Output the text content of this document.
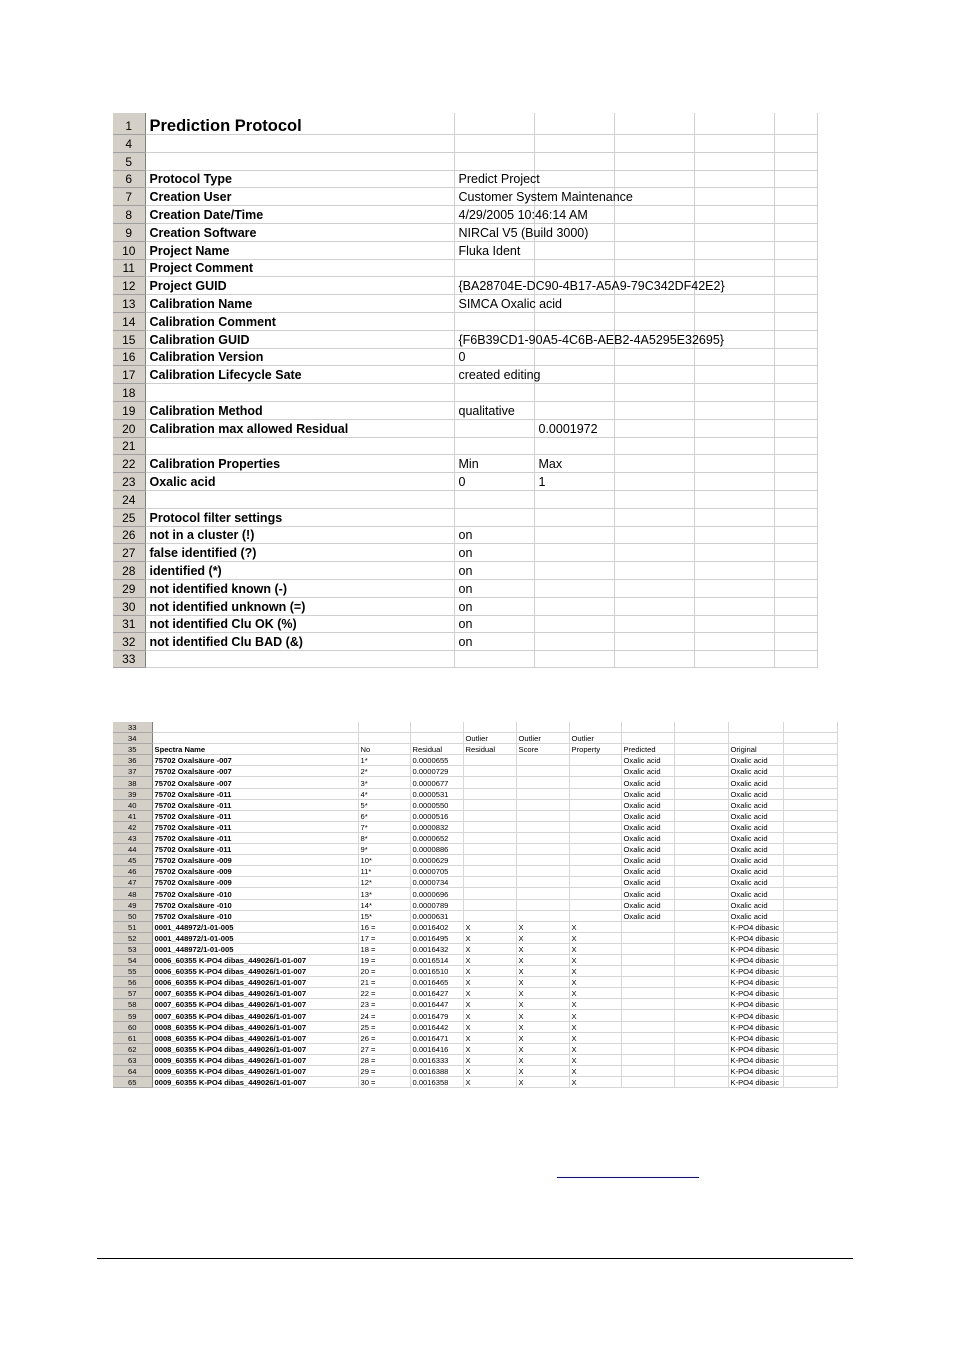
1	Prediction Protocol					
4						
5						
6	Protocol Type	Predict Project				
7	Creation User	Customer System Maintenance				
8	Creation Date/Time	4/29/2005 10:46:14 AM				
9	Creation Software	NIRCal V5 (Build 3000)				
10	Project Name	Fluka Ident				
11	Project Comment					
12	Project GUID	{BA28704E-DC90-4B17-A5A9-79C342DF42E2}				
13	Calibration Name	SIMCA Oxalic acid				
14	Calibration Comment					
15	Calibration GUID	{F6B39CD1-90A5-4C6B-AEB2-4A5295E32695}				
16	Calibration Version	0				
17	Calibration Lifecycle Sate	created editing				
18						
19	Calibration Method	qualitative				
20	Calibration max allowed Residual		0.0001972			
21						
22	Calibration Properties	Min	Max			
23	Oxalic acid	0	1			
24						
25	Protocol filter settings					
26	not in a cluster (!)	on				
27	false identified (?)	on				
28	identified (*)	on				
29	not identified known (-)	on				
30	not identified unknown (=)	on				
31	not identified Clu OK (%)	on				
32	not identified Clu BAD (&)	on				
33						
33										
34				Outlier	Outlier	Outlier				
35	Spectra Name	No	Residual	Residual	Score	Property	Predicted		Original	
36	75702 Oxalsäure -007	1*	0.0000655				Oxalic acid		Oxalic acid	
37	75702 Oxalsäure -007	2*	0.0000729				Oxalic acid		Oxalic acid	
38	75702 Oxalsäure -007	3*	0.0000677				Oxalic acid		Oxalic acid	
39	75702 Oxalsäure -011	4*	0.0000531				Oxalic acid		Oxalic acid	
40	75702 Oxalsäure -011	5*	0.0000550				Oxalic acid		Oxalic acid	
41	75702 Oxalsäure -011	6*	0.0000516				Oxalic acid		Oxalic acid	
42	75702 Oxalsäure -011	7*	0.0000832				Oxalic acid		Oxalic acid	
43	75702 Oxalsäure -011	8*	0.0000652				Oxalic acid		Oxalic acid	
44	75702 Oxalsäure -011	9*	0.0000886				Oxalic acid		Oxalic acid	
45	75702 Oxalsäure -009	10*	0.0000629				Oxalic acid		Oxalic acid	
46	75702 Oxalsäure -009	11*	0.0000705				Oxalic acid		Oxalic acid	
47	75702 Oxalsäure -009	12*	0.0000734				Oxalic acid		Oxalic acid	
48	75702 Oxalsäure -010	13*	0.0000696				Oxalic acid		Oxalic acid	
49	75702 Oxalsäure -010	14*	0.0000789				Oxalic acid		Oxalic acid	
50	75702 Oxalsäure -010	15*	0.0000631				Oxalic acid		Oxalic acid	
51	0001_448972/1-01-005	16 =	0.0016402	X	X	X			K-PO4 dibasic	
52	0001_448972/1-01-005	17 =	0.0016495	X	X	X			K-PO4 dibasic	
53	0001_448972/1-01-005	18 =	0.0016432	X	X	X			K-PO4 dibasic	
54	0006_60355 K-PO4 dibas_449026/1-01-007	19 =	0.0016514	X	X	X			K-PO4 dibasic	
55	0006_60355 K-PO4 dibas_449026/1-01-007	20 =	0.0016510	X	X	X			K-PO4 dibasic	
56	0006_60355 K-PO4 dibas_449026/1-01-007	21 =	0.0016465	X	X	X			K-PO4 dibasic	
57	0007_60355 K-PO4 dibas_449026/1-01-007	22 =	0.0016427	X	X	X			K-PO4 dibasic	
58	0007_60355 K-PO4 dibas_449026/1-01-007	23 =	0.0016447	X	X	X			K-PO4 dibasic	
59	0007_60355 K-PO4 dibas_449026/1-01-007	24 =	0.0016479	X	X	X			K-PO4 dibasic	
60	0008_60355 K-PO4 dibas_449026/1-01-007	25 =	0.0016442	X	X	X			K-PO4 dibasic	
61	0008_60355 K-PO4 dibas_449026/1-01-007	26 =	0.0016471	X	X	X			K-PO4 dibasic	
62	0008_60355 K-PO4 dibas_449026/1-01-007	27 =	0.0016416	X	X	X			K-PO4 dibasic	
63	0009_60355 K-PO4 dibas_449026/1-01-007	28 =	0.0016333	X	X	X			K-PO4 dibasic	
64	0009_60355 K-PO4 dibas_449026/1-01-007	29 =	0.0016388	X	X	X			K-PO4 dibasic	
65	0009_60355 K-PO4 dibas_449026/1-01-007	30 =	0.0016358	X	X	X			K-PO4 dibasic	
